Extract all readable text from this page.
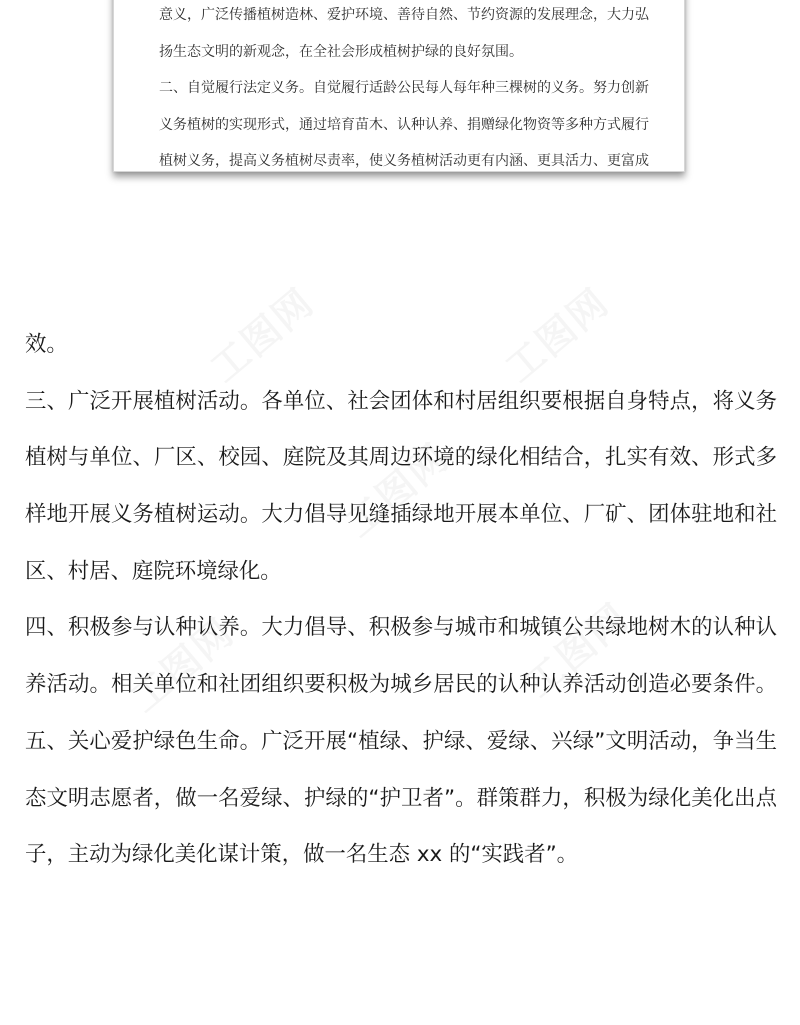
工图网	工图网
工图网
工图网	工图网
意义，广泛传播植树造林、爱护环境、善待自然、节约资源的发展理念，大力弘
扬生态文明的新观念，在全社会形成植树护绿的良好氛围。
二、自觉履行法定义务。自觉履行适龄公民每人每年种三棵树的义务。努力创新
义务植树的实现形式，通过培育苗木、认种认养、捐赠绿化物资等多种方式履行
植树义务，提高义务植树尽责率，使义务植树活动更有内涵、更具活力、更富成
效。
三、广泛开展植树活动。各单位、社会团体和村居组织要根据自身特点，将义务
植树与单位、厂区、校园、庭院及其周边环境的绿化相结合，扎实有效、形式多
样地开展义务植树运动。大力倡导见缝插绿地开展本单位、厂矿、团体驻地和社
区、村居、庭院环境绿化。
四、积极参与认种认养。大力倡导、积极参与城市和城镇公共绿地树木的认种认
养活动。相关单位和社团组织要积极为城乡居民的认种认养活动创造必要条件。
五、关心爱护绿色生命。广泛开展“植绿、护绿、爱绿、兴绿”文明活动，争当生
态文明志愿者，做一名爱绿、护绿的“护卫者”。群策群力，积极为绿化美化出点
子，主动为绿化美化谋计策，做一名生态 xx 的“实践者”。
